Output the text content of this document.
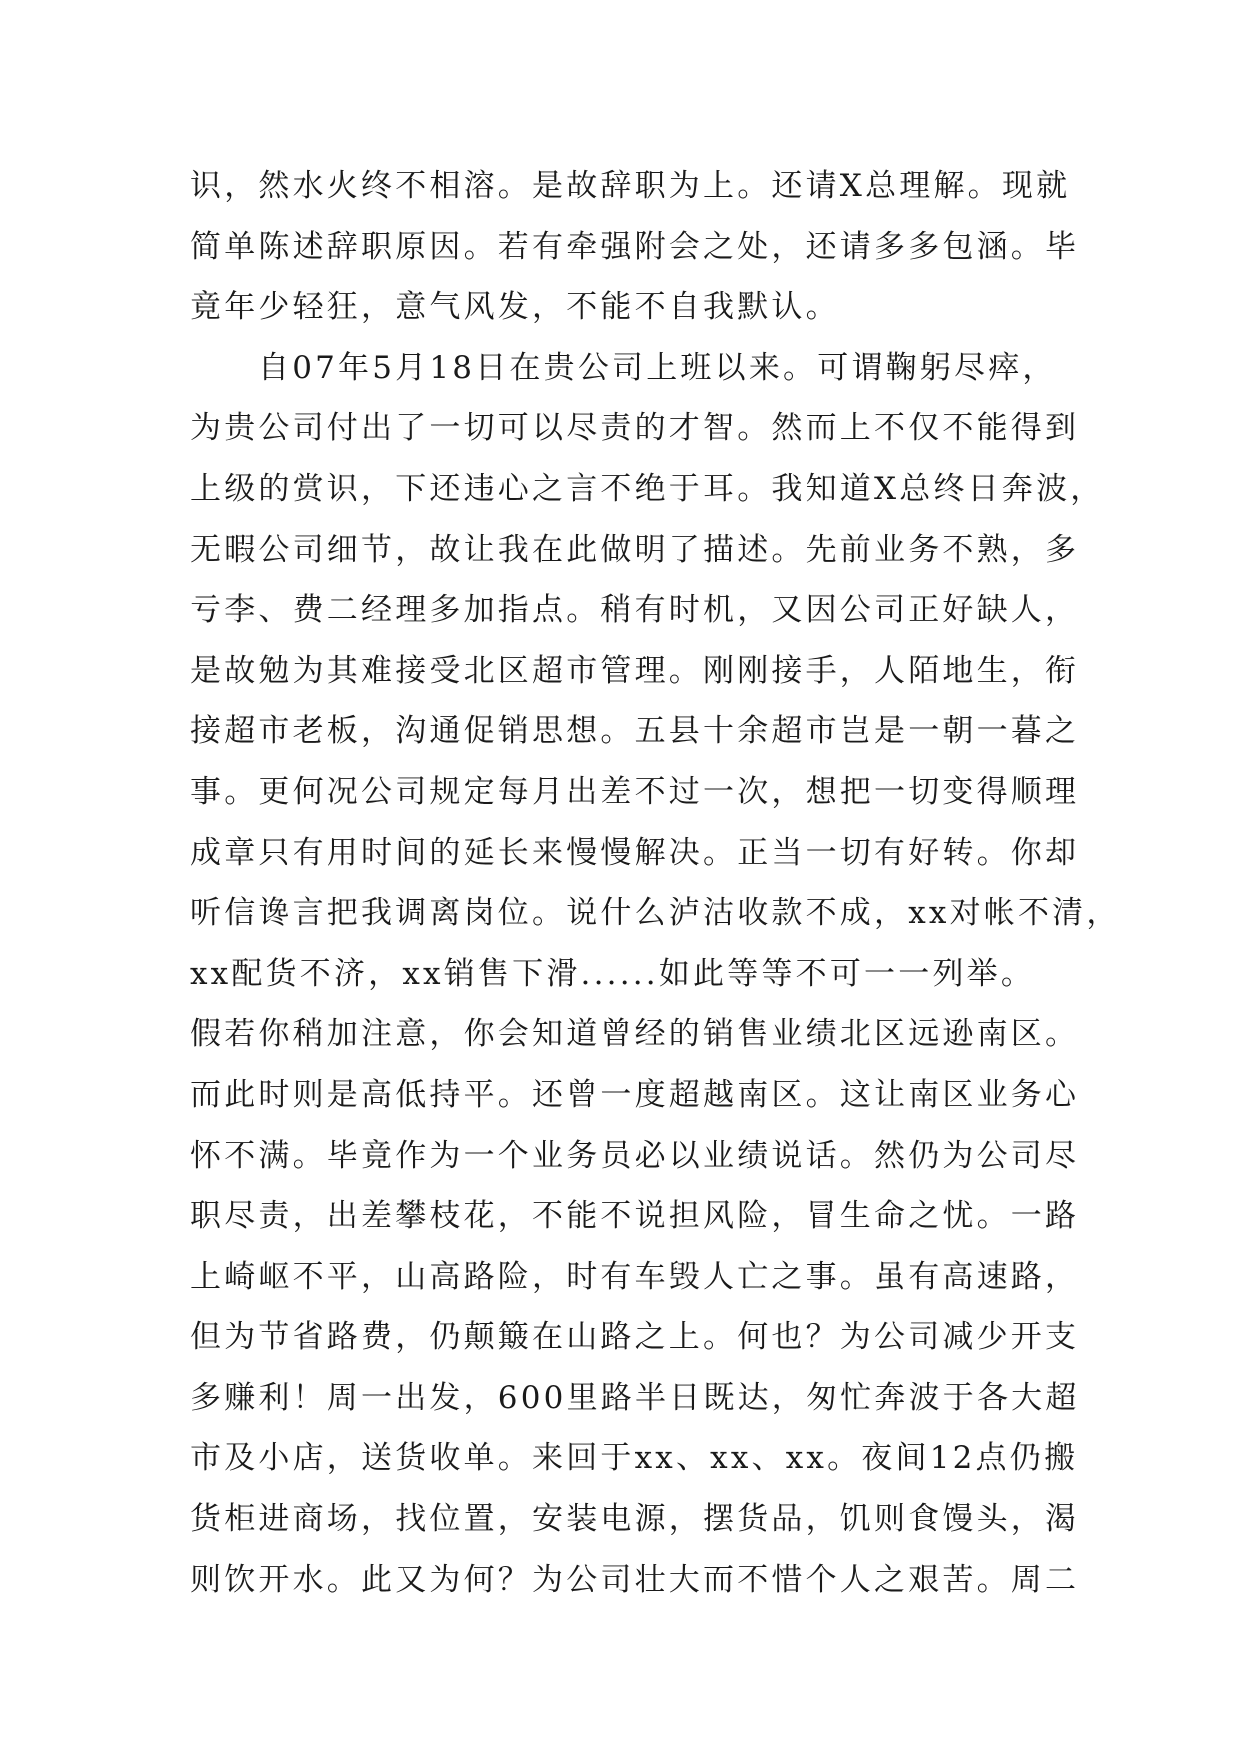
识，然水火终不相溶。是故辞职为上。还请X总理解。现就
简单陈述辞职原因。若有牵强附会之处，还请多多包涵。毕
竟年少轻狂，意气风发，不能不自我默认。
自07年5月18日在贵公司上班以来。可谓鞠躬尽瘁，
为贵公司付出了一切可以尽责的才智。然而上不仅不能得到
上级的赏识，下还违心之言不绝于耳。我知道X总终日奔波，
无暇公司细节，故让我在此做明了描述。先前业务不熟，多
亏李、费二经理多加指点。稍有时机，又因公司正好缺人，
是故勉为其难接受北区超市管理。刚刚接手，人陌地生，衔
接超市老板，沟通促销思想。五县十余超市岂是一朝一暮之
事。更何况公司规定每月出差不过一次，想把一切变得顺理
成章只有用时间的延长来慢慢解决。正当一切有好转。你却
听信谗言把我调离岗位。说什么泸沽收款不成，xx对帐不清，
xx配货不济，xx销售下滑......如此等等不可一一列举。
假若你稍加注意，你会知道曾经的销售业绩北区远逊南区。
而此时则是高低持平。还曾一度超越南区。这让南区业务心
怀不满。毕竟作为一个业务员必以业绩说话。然仍为公司尽
职尽责，出差攀枝花，不能不说担风险，冒生命之忧。一路
上崎岖不平，山高路险，时有车毁人亡之事。虽有高速路，
但为节省路费，仍颠簸在山路之上。何也？为公司减少开支
多赚利！周一出发，600里路半日既达，匆忙奔波于各大超
市及小店，送货收单。来回于xx、xx、xx。夜间12点仍搬
货柜进商场，找位置，安装电源，摆货品，饥则食馒头，渴
则饮开水。此又为何？为公司壮大而不惜个人之艰苦。周二
